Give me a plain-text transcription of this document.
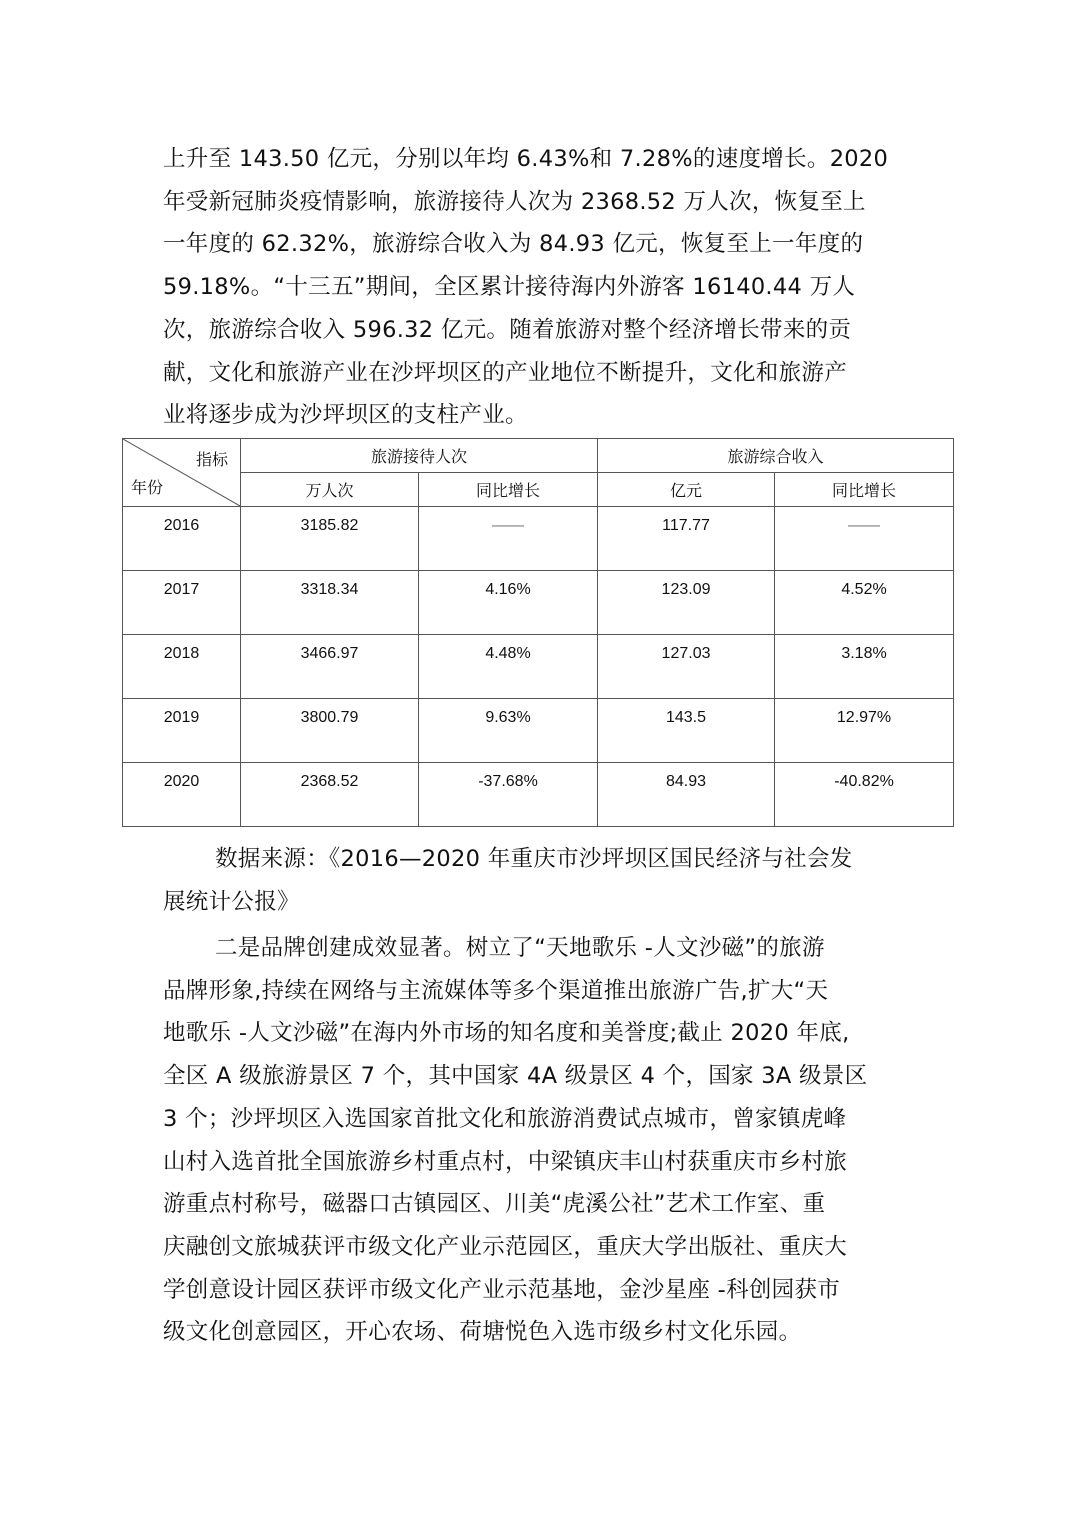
上升至 143.50 亿元，分别以年均 6.43%和 7.28%的速度增长。2020
年受新冠肺炎疫情影响，旅游接待人次为 2368.52 万人次，恢复至上
一年度的 62.32%，旅游综合收入为 84.93 亿元，恢复至上一年度的
59.18%。“十三五”期间，全区累计接待海内外游客 16140.44 万人
次，旅游综合收入 596.32 亿元。随着旅游对整个经济增长带来的贡
献，文化和旅游产业在沙坪坝区的产业地位不断提升，文化和旅游产
业将逐步成为沙坪坝区的支柱产业。
指标
年份	旅游接待人次		旅游综合收入	
	万人次	同比增长	亿元	同比增长
2016	3185.82	——	117.77	——
2017	3318.34	4.16%	123.09	4.52%
2018	3466.97	4.48%	127.03	3.18%
2019	3800.79	9.63%	143.5	12.97%
2020	2368.52	-37.68%	84.93	-40.82%
数据来源：《2016—2020 年重庆市沙坪坝区国民经济与社会发
展统计公报》
二是品牌创建成效显著。树立了“天地歌乐 -人文沙磁”的旅游
品牌形象,持续在网络与主流媒体等多个渠道推出旅游广告,扩大“天
地歌乐 -人文沙磁”在海内外市场的知名度和美誉度;截止 2020 年底,
全区 A 级旅游景区 7 个，其中国家 4A 级景区 4 个，国家 3A 级景区
3 个；沙坪坝区入选国家首批文化和旅游消费试点城市，曾家镇虎峰
山村入选首批全国旅游乡村重点村，中梁镇庆丰山村获重庆市乡村旅
游重点村称号，磁器口古镇园区、川美“虎溪公社”艺术工作室、重
庆融创文旅城获评市级文化产业示范园区，重庆大学出版社、重庆大
学创意设计园区获评市级文化产业示范基地，金沙星座 -科创园获市
级文化创意园区，开心农场、荷塘悦色入选市级乡村文化乐园。
